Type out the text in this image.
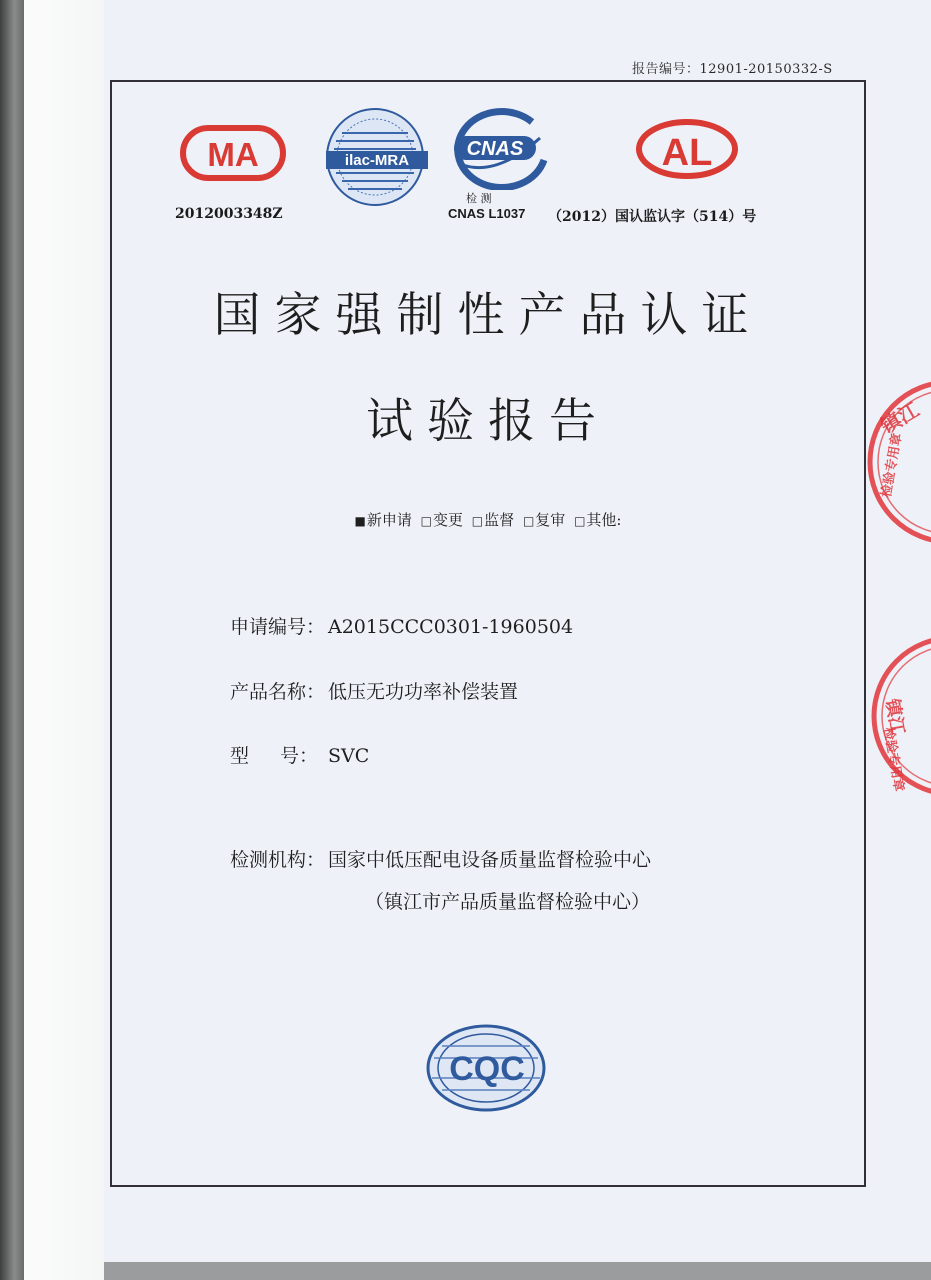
报告编号：12901-20150332-S
MA
2012003348Z
ilac-MRA
CNAS
检 测
CNAS L1037
AL
（2012）国认监认字（514）号
国家强制性产品认证
试验报告
■新申请 □变更 □监督 □复审 □其他:
申请编号： A2015CCC0301-1960504
产品名称： 低压无功功率补偿装置
型 号： SVC
检测机构： 国家中低压配电设备质量监督检验中心
（镇江市产品质量监督检验中心）
CQC
镇江
检验专用章
镇江
检验专用章
